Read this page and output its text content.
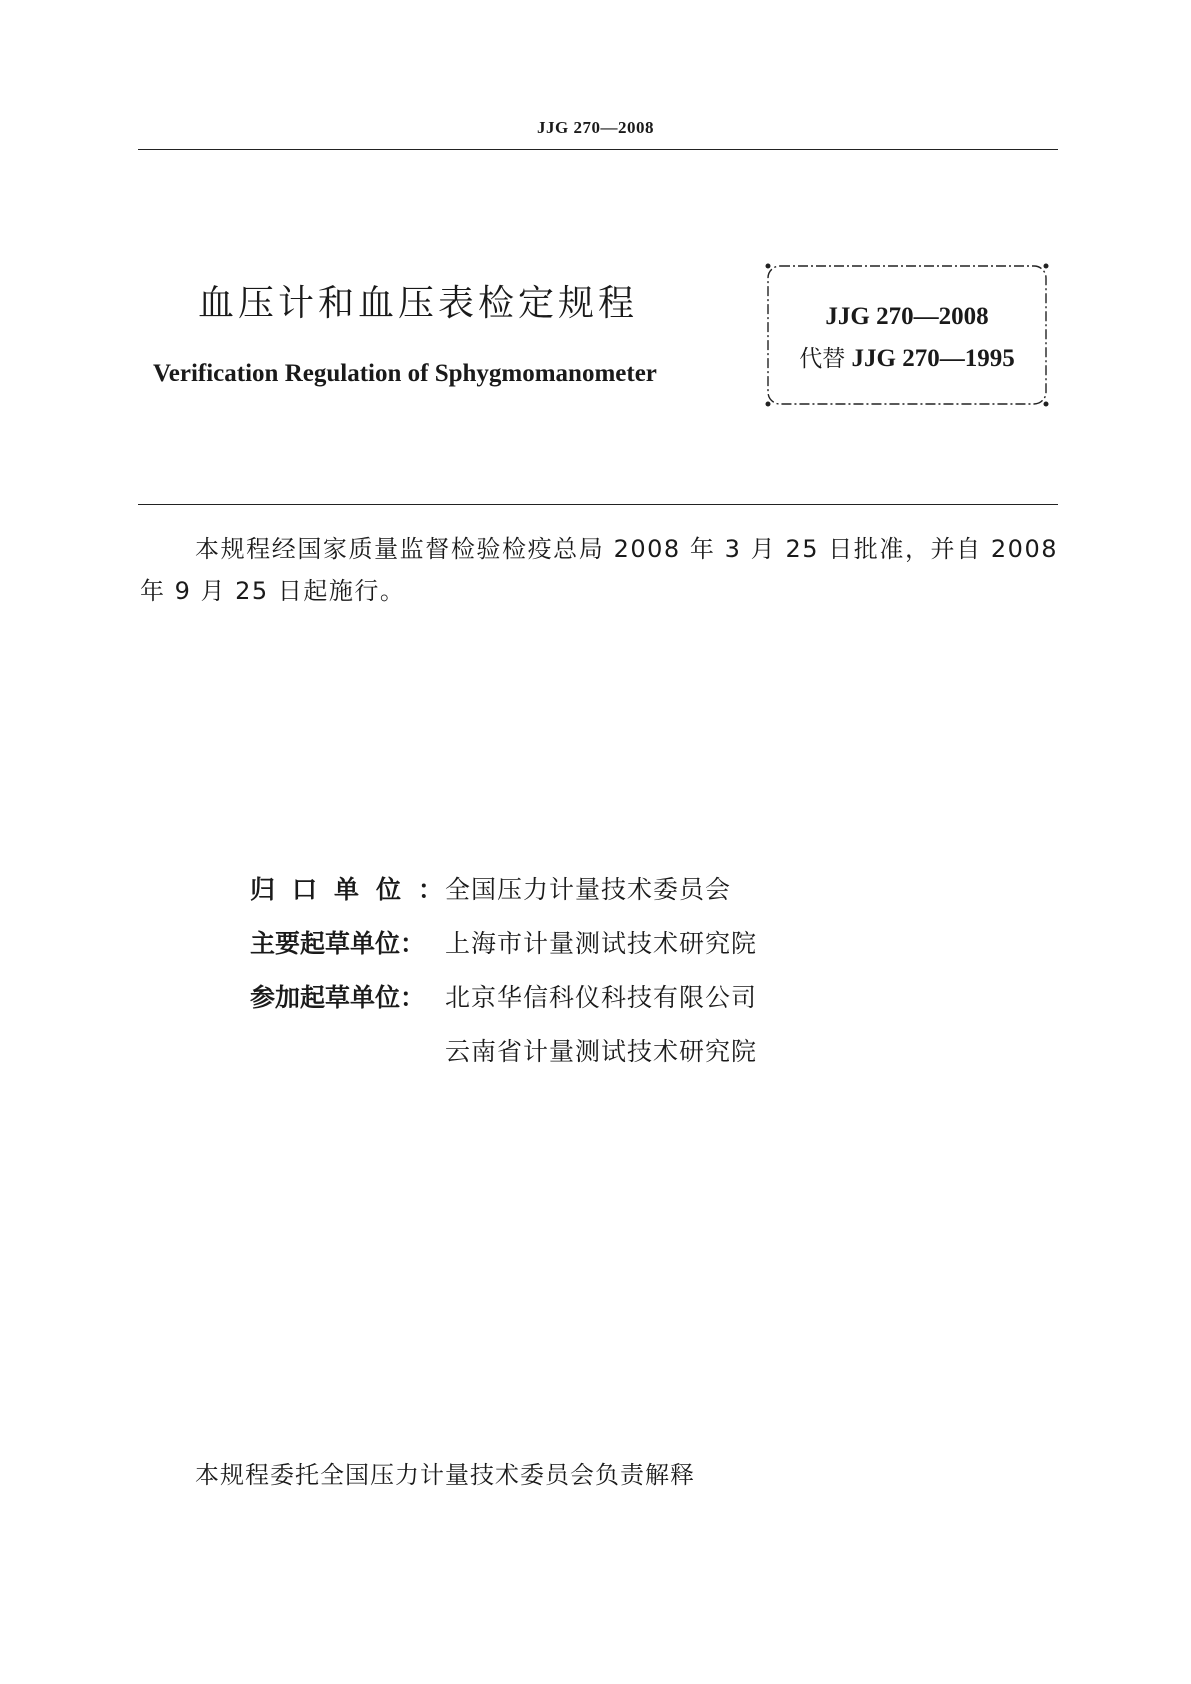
JJG 270—2008
血压计和血压表检定规程
Verification Regulation of Sphygmomanometer
JJG 270—2008
代替 JJG 270—1995
本规程经国家质量监督检验检疫总局 2008 年 3 月 25 日批准，并自 2008 年 9 月 25 日起施行。
归口单位：全国压力计量技术委员会
主要起草单位： 上海市计量测试技术研究院
参加起草单位： 北京华信科仪科技有限公司
云南省计量测试技术研究院
本规程委托全国压力计量技术委员会负责解释
